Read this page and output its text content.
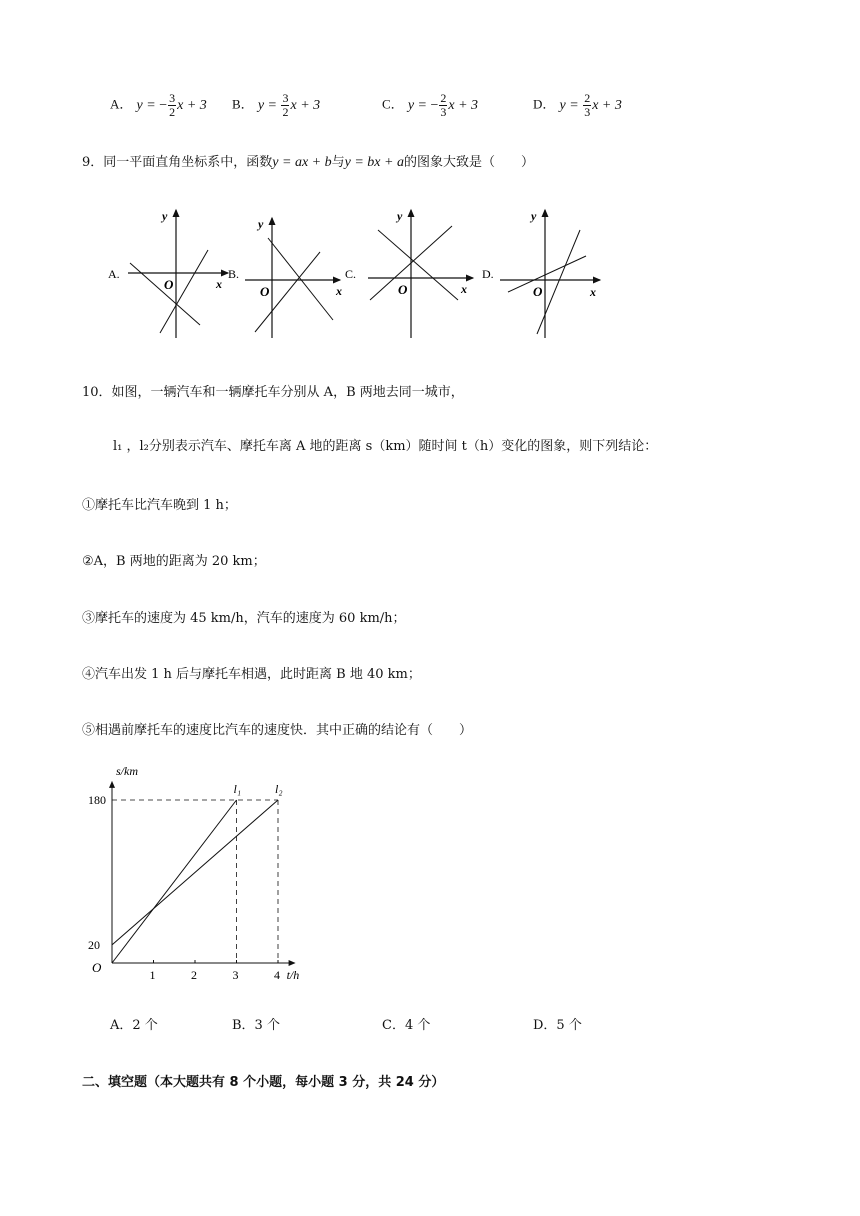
A． y = − $\frac{3}{2}$ x + 3 B． $y = \frac{3}{2}$ x + 3	C． y = − $\frac{2}{3}$ x + 3	D． $y = \frac{2}{3}$ x + 3
9．同一平面直角坐标系中，函数y = ax + b与y = bx + a的图象大致是（　　）
A.
y
x
O
B.
y
x
O
C.
y
x
O
D.
y
x
O
10．如图，一辆汽车和一辆摩托车分别从 A，B 两地去同一城市，
l₁ ，l₂分别表示汽车、摩托车离 A 地的距离 s（km）随时间 t（h）变化的图象，则下列结论：
①摩托车比汽车晚到 1 h；
②A，B 两地的距离为 20 km；
③摩托车的速度为 45 km/h，汽车的速度为 60 km/h；
④汽车出发 1 h 后与摩托车相遇，此时距离 B 地 40 km；
⑤相遇前摩托车的速度比汽车的速度快．其中正确的结论有（　　）
s/km
t/h
O	1	2	3	4
20
180
l₁	l₂
A．2 个	B．3 个	C．4 个	D．5 个
二、填空题（本大题共有 8 个小题，每小题 3 分，共 24 分）
